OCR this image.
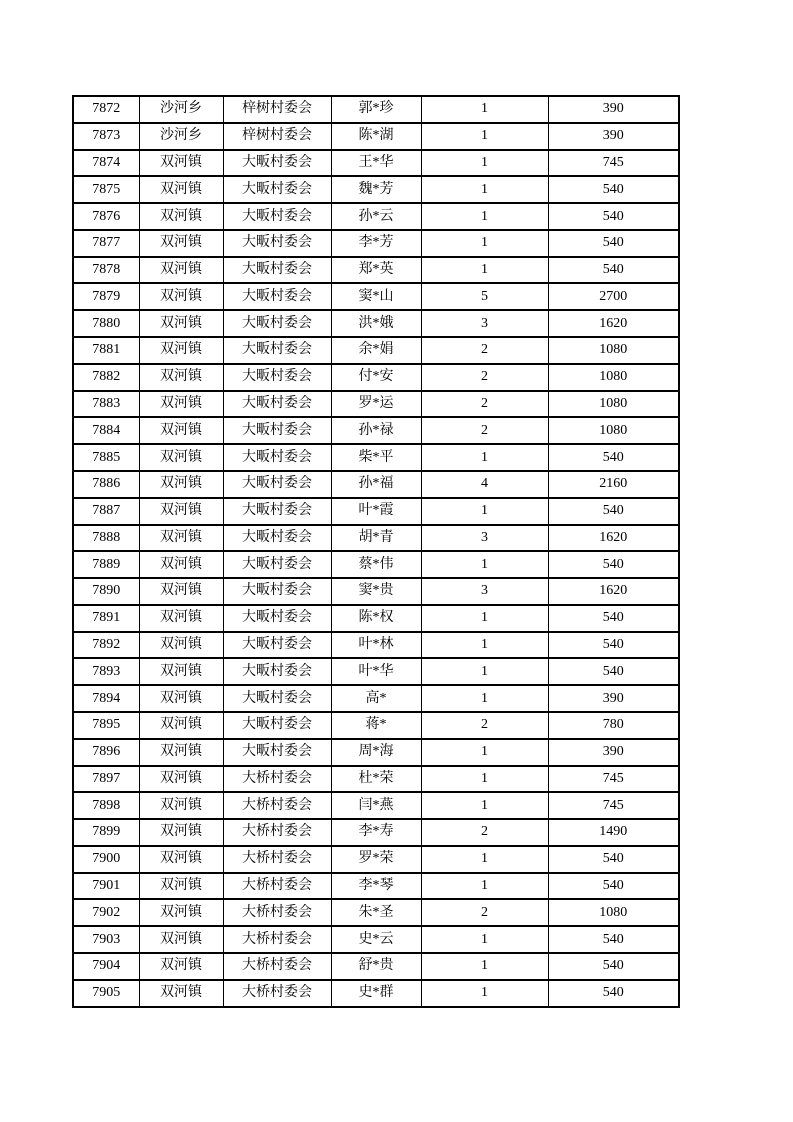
7872	沙河乡	梓树村委会	郭*珍	1	390
7873	沙河乡	梓树村委会	陈*湖	1	390
7874	双河镇	大畈村委会	王*华	1	745
7875	双河镇	大畈村委会	魏*芳	1	540
7876	双河镇	大畈村委会	孙*云	1	540
7877	双河镇	大畈村委会	李*芳	1	540
7878	双河镇	大畈村委会	郑*英	1	540
7879	双河镇	大畈村委会	窦*山	5	2700
7880	双河镇	大畈村委会	洪*娥	3	1620
7881	双河镇	大畈村委会	余*娟	2	1080
7882	双河镇	大畈村委会	付*安	2	1080
7883	双河镇	大畈村委会	罗*运	2	1080
7884	双河镇	大畈村委会	孙*禄	2	1080
7885	双河镇	大畈村委会	柴*平	1	540
7886	双河镇	大畈村委会	孙*福	4	2160
7887	双河镇	大畈村委会	叶*霞	1	540
7888	双河镇	大畈村委会	胡*青	3	1620
7889	双河镇	大畈村委会	蔡*伟	1	540
7890	双河镇	大畈村委会	窦*贵	3	1620
7891	双河镇	大畈村委会	陈*权	1	540
7892	双河镇	大畈村委会	叶*林	1	540
7893	双河镇	大畈村委会	叶*华	1	540
7894	双河镇	大畈村委会	高*	1	390
7895	双河镇	大畈村委会	蒋*	2	780
7896	双河镇	大畈村委会	周*海	1	390
7897	双河镇	大桥村委会	杜*荣	1	745
7898	双河镇	大桥村委会	闫*燕	1	745
7899	双河镇	大桥村委会	李*寿	2	1490
7900	双河镇	大桥村委会	罗*荣	1	540
7901	双河镇	大桥村委会	李*琴	1	540
7902	双河镇	大桥村委会	朱*圣	2	1080
7903	双河镇	大桥村委会	史*云	1	540
7904	双河镇	大桥村委会	舒*贵	1	540
7905	双河镇	大桥村委会	史*群	1	540
